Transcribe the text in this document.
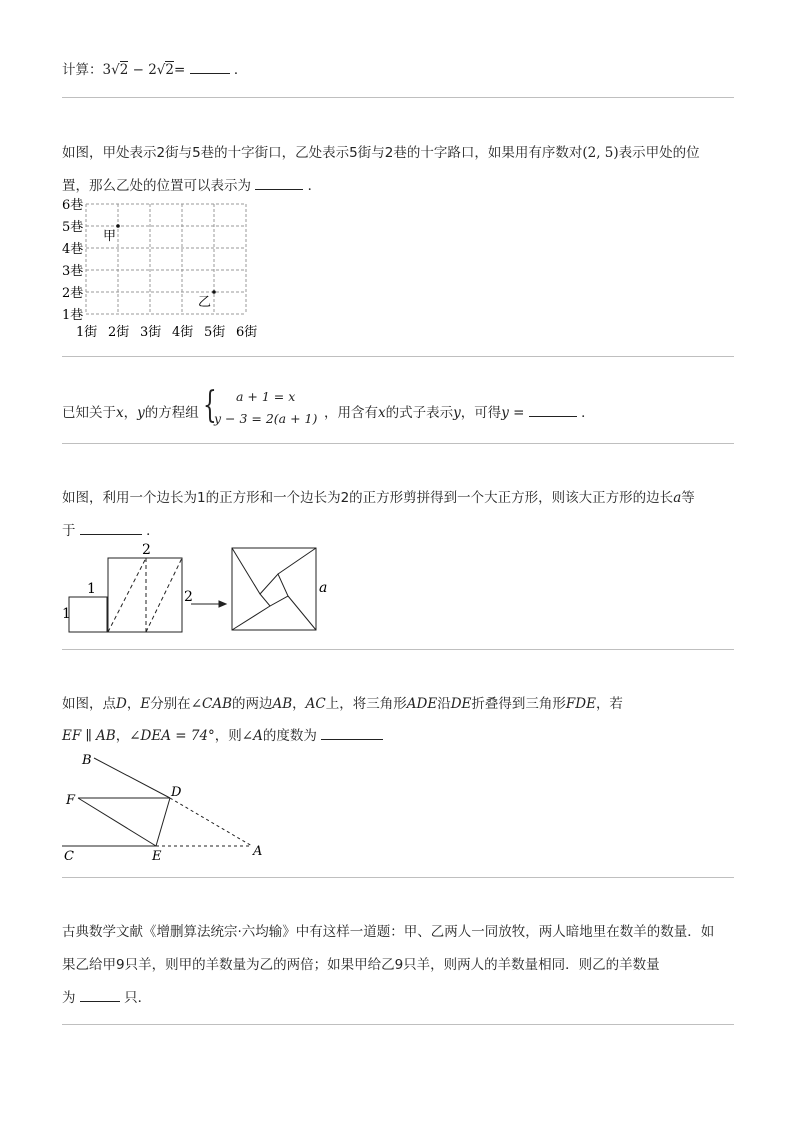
计算：3√2 − 2√2=	．
如图，甲处表示2街与5巷的十字街口，乙处表示5街与2巷的十字路口，如果用有序数对(2, 5)表示甲处的位
置，那么乙处的位置可以表示为	．
6巷
5巷
4巷
3巷
2巷
1巷
1街 2街 3街 4街 5街 6街
甲
乙
已知关于x，y的方程组 { a + 1 = x
y − 3 = 2(a + 1) ，用含有x的式子表示y，可得y =	．
如图，利用一个边长为1的正方形和一个边长为2的正方形剪拼得到一个大正方形，则该大正方形的边长a等
于	．
1
1
2
2
a
如图，点D，E分别在∠CAB的两边AB，AC上，将三角形ADE沿DE折叠得到三角形FDE，若
EF ∥ AB，∠DEA = 74°，则∠A的度数为
B
F
D
C	E	A
古典数学文献《增删算法统宗·六均输》中有这样一道题：甲、乙两人一同放牧，两人暗地里在数羊的数量．如
果乙给甲9只羊，则甲的羊数量为乙的两倍；如果甲给乙9只羊，则两人的羊数量相同．则乙的羊数量
为	只．
